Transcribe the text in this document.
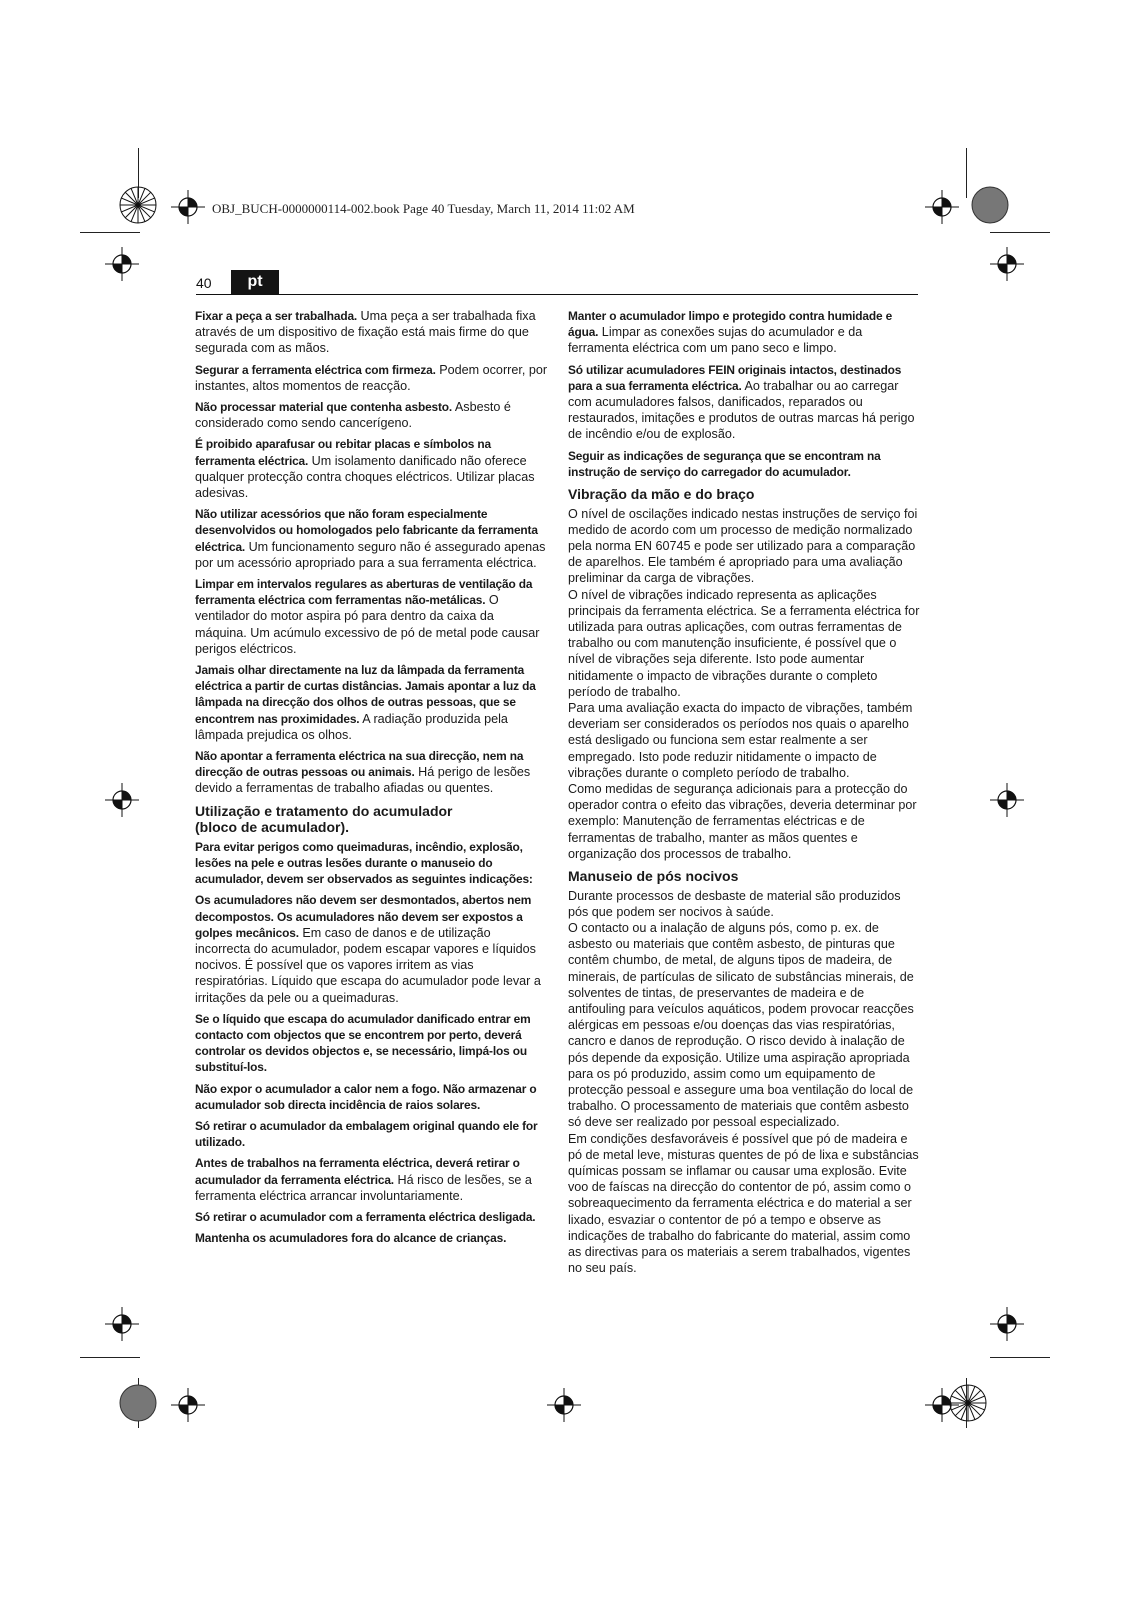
OBJ_BUCH-0000000114-002.book Page 40 Tuesday, March 11, 2014 11:02 AM
40	pt

Fixar a peça a ser trabalhada. Uma peça a ser trabalhada fixa através de um dispositivo de fixação está mais firme do que segurada com as mãos.

Segurar a ferramenta eléctrica com firmeza. Podem ocorrer, por instantes, altos momentos de reacção.

Não processar material que contenha asbesto. Asbesto é considerado como sendo cancerígeno.

É proibido aparafusar ou rebitar placas e símbolos na ferramenta eléctrica. Um isolamento danificado não oferece qualquer protecção contra choques eléctricos. Utilizar placas adesivas.

Não utilizar acessórios que não foram especialmente desenvolvidos ou homologados pelo fabricante da ferramenta eléctrica. Um funcionamento seguro não é assegurado apenas por um acessório apropriado para a sua ferramenta eléctrica.

Limpar em intervalos regulares as aberturas de ventilação da ferramenta eléctrica com ferramentas não-metálicas. O ventilador do motor aspira pó para dentro da caixa da máquina. Um acúmulo excessivo de pó de metal pode causar perigos eléctricos.

Jamais olhar directamente na luz da lâmpada da ferramenta eléctrica a partir de curtas distâncias. Jamais apontar a luz da lâmpada na direcção dos olhos de outras pessoas, que se encontrem nas proximidades. A radiação produzida pela lâmpada prejudica os olhos.

Não apontar a ferramenta eléctrica na sua direcção, nem na direcção de outras pessoas ou animais. Há perigo de lesões devido a ferramentas de trabalho afiadas ou quentes.

Utilização e tratamento do acumulador
(bloco de acumulador).

Para evitar perigos como queimaduras, incêndio, explosão, lesões na pele e outras lesões durante o manuseio do acumulador, devem ser observados as seguintes indicações:

Os acumuladores não devem ser desmontados, abertos nem decompostos. Os acumuladores não devem ser expostos a golpes mecânicos. Em caso de danos e de utilização incorrecta do acumulador, podem escapar vapores e líquidos nocivos. É possível que os vapores irritem as vias respiratórias. Líquido que escapa do acumulador pode levar a irritações da pele ou a queimaduras.

Se o líquido que escapa do acumulador danificado entrar em contacto com objectos que se encontrem por perto, deverá controlar os devidos objectos e, se necessário, limpá-los ou substituí-los.

Não expor o acumulador a calor nem a fogo. Não armazenar o acumulador sob directa incidência de raios solares.

Só retirar o acumulador da embalagem original quando ele for utilizado.

Antes de trabalhos na ferramenta eléctrica, deverá retirar o acumulador da ferramenta eléctrica. Há risco de lesões, se a ferramenta eléctrica arrancar involuntariamente.

Só retirar o acumulador com a ferramenta eléctrica desligada.

Mantenha os acumuladores fora do alcance de crianças.

Manter o acumulador limpo e protegido contra humidade e água. Limpar as conexões sujas do acumulador e da ferramenta eléctrica com um pano seco e limpo.

Só utilizar acumuladores FEIN originais intactos, destinados para a sua ferramenta eléctrica. Ao trabalhar ou ao carregar com acumuladores falsos, danificados, reparados ou restaurados, imitações e produtos de outras marcas há perigo de incêndio e/ou de explosão.

Seguir as indicações de segurança que se encontram na instrução de serviço do carregador do acumulador.

Vibração da mão e do braço

O nível de oscilações indicado nestas instruções de serviço foi medido de acordo com um processo de medição normalizado pela norma EN 60745 e pode ser utilizado para a comparação de aparelhos. Ele também é apropriado para uma avaliação preliminar da carga de vibrações.

O nível de vibrações indicado representa as aplicações principais da ferramenta eléctrica. Se a ferramenta eléctrica for utilizada para outras aplicações, com outras ferramentas de trabalho ou com manutenção insuficiente, é possível que o nível de vibrações seja diferente. Isto pode aumentar nitidamente o impacto de vibrações durante o completo período de trabalho.

Para uma avaliação exacta do impacto de vibrações, também deveriam ser considerados os períodos nos quais o aparelho está desligado ou funciona sem estar realmente a ser empregado. Isto pode reduzir nitidamente o impacto de vibrações durante o completo período de trabalho.

Como medidas de segurança adicionais para a protecção do operador contra o efeito das vibrações, deveria determinar por exemplo: Manutenção de ferramentas eléctricas e de ferramentas de trabalho, manter as mãos quentes e organização dos processos de trabalho.

Manuseio de pós nocivos

Durante processos de desbaste de material são produzidos pós que podem ser nocivos à saúde.

O contacto ou a inalação de alguns pós, como p. ex. de asbesto ou materiais que contêm asbesto, de pinturas que contêm chumbo, de metal, de alguns tipos de madeira, de minerais, de partículas de silicato de substâncias minerais, de solventes de tintas, de preservantes de madeira e de antifouling para veículos aquáticos, podem provocar reacções alérgicas em pessoas e/ou doenças das vias respiratórias, cancro e danos de reprodução. O risco devido à inalação de pós depende da exposição. Utilize uma aspiração apropriada para os pó produzido, assim como um equipamento de protecção pessoal e assegure uma boa ventilação do local de trabalho. O processamento de materiais que contêm asbesto só deve ser realizado por pessoal especializado.

Em condições desfavoráveis é possível que pó de madeira e pó de metal leve, misturas quentes de pó de lixa e substâncias químicas possam se inflamar ou causar uma explosão. Evite voo de faíscas na direcção do contentor de pó, assim como o sobreaquecimento da ferramenta eléctrica e do material a ser lixado, esvaziar o contentor de pó a tempo e observe as indicações de trabalho do fabricante do material, assim como as directivas para os materiais a serem trabalhados, vigentes no seu país.
